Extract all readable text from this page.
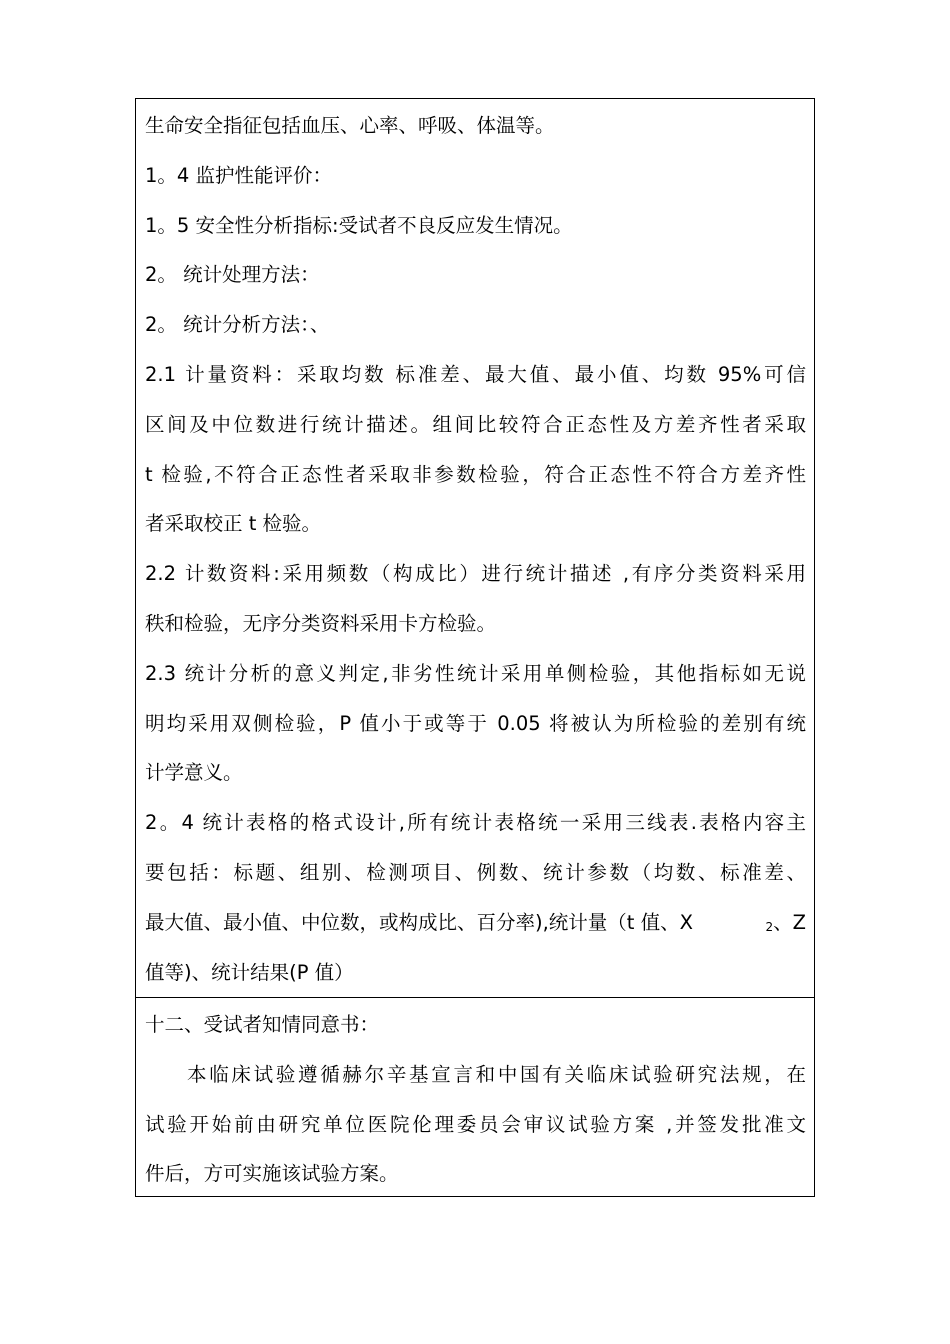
生命安全指征包括血压、心率、呼吸、体温等。
1。4 监护性能评价：
1。5 安全性分析指标:受试者不良反应发生情况。
2。 统计处理方法：
2。 统计分析方法：、
2.1 计量资料：采取均数 标准差、最大值、最小值、均数 95%可信
区间及中位数进行统计描述。组间比较符合正态性及方差齐性者采取
t 检验,不符合正态性者采取非参数检验，符合正态性不符合方差齐性
者采取校正 t 检验。
2.2 计数资料:采用频数（构成比）进行统计描述 ,有序分类资料采用
秩和检验，无序分类资料采用卡方检验。
2.3 统计分析的意义判定,非劣性统计采用单侧检验，其他指标如无说
明均采用双侧检验，P 值小于或等于 0.05 将被认为所检验的差别有统
计学意义。
2。4 统计表格的格式设计,所有统计表格统一采用三线表.表格内容主
要包括：标题、组别、检测项目、例数、统计参数（均数、标准差、
最大值、最小值、中位数，或构成比、百分率),统计量（t 值、X	$_2$、Z
值等)、统计结果(P 值）
十二、受试者知情同意书：
本临床试验遵循赫尔辛基宣言和中国有关临床试验研究法规，在
试验开始前由研究单位医院伦理委员会审议试验方案 ,并签发批准文
件后，方可实施该试验方案。
